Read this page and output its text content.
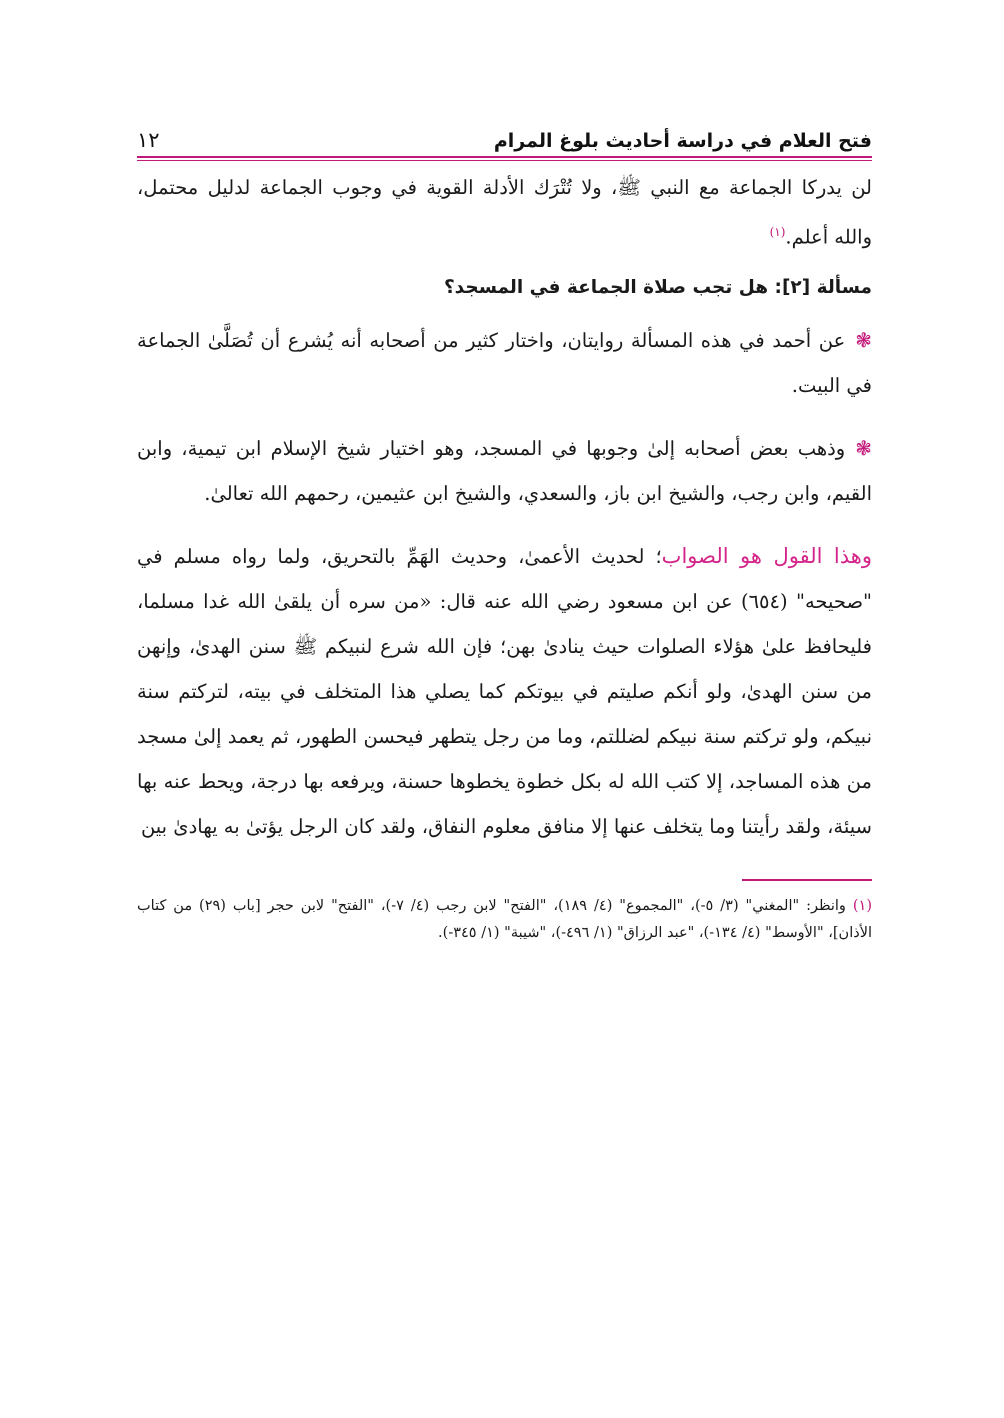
فتح العلام في دراسة أحاديث بلوغ المرام
١٢

لن يدركا الجماعة مع النبي ﷺ، ولا تُتْرَك الأدلة القوية في وجوب الجماعة لدليل محتمل، والله أعلم.$^{(١)}$

مسألة [٢]: هل تجب صلاة الجماعة في المسجد؟

❃عن أحمد في هذه المسألة روايتان، واختار كثير من أصحابه أنه يُشرع أن تُصَلَّىٰ الجماعة في البيت.

❃وذهب بعض أصحابه إلىٰ وجوبها في المسجد، وهو اختيار شيخ الإسلام ابن تيمية، وابن القيم، وابن رجب، والشيخ ابن باز، والسعدي، والشيخ ابن عثيمين، رحمهم الله تعالىٰ.

وهذا القول هو الصواب؛ لحديث الأعمىٰ، وحديث الهَمِّ بالتحريق، ولما رواه مسلم في "صحيحه" (٦٥٤) عن ابن مسعود رضي الله عنه قال: «من سره أن يلقىٰ الله غدا مسلما، فليحافظ علىٰ هؤلاء الصلوات حيث ينادىٰ بهن؛ فإن الله شرع لنبيكم ﷺ سنن الهدىٰ، وإنهن من سنن الهدىٰ، ولو أنكم صليتم في بيوتكم كما يصلي هذا المتخلف في بيته، لتركتم سنة نبيكم، ولو تركتم سنة نبيكم لضللتم، وما من رجل يتطهر فيحسن الطهور، ثم يعمد إلىٰ مسجد من هذه المساجد، إلا كتب الله له بكل خطوة يخطوها حسنة، ويرفعه بها درجة، ويحط عنه بها سيئة، ولقد رأيتنا وما يتخلف عنها إلا منافق معلوم النفاق، ولقد كان الرجل يؤتىٰ به يهادىٰ بين

(١) وانظر: "المغني" (٣/ ٥-)، "المجموع" (٤/ ١٨٩)، "الفتح" لابن رجب (٤/ ٧-)، "الفتح" لابن حجر [باب (٢٩) من كتاب الأذان]، "الأوسط" (٤/ ١٣٤-)، "عبد الرزاق" (١/ ٤٩٦-)، "شيبة" (١/ ٣٤٥-).
